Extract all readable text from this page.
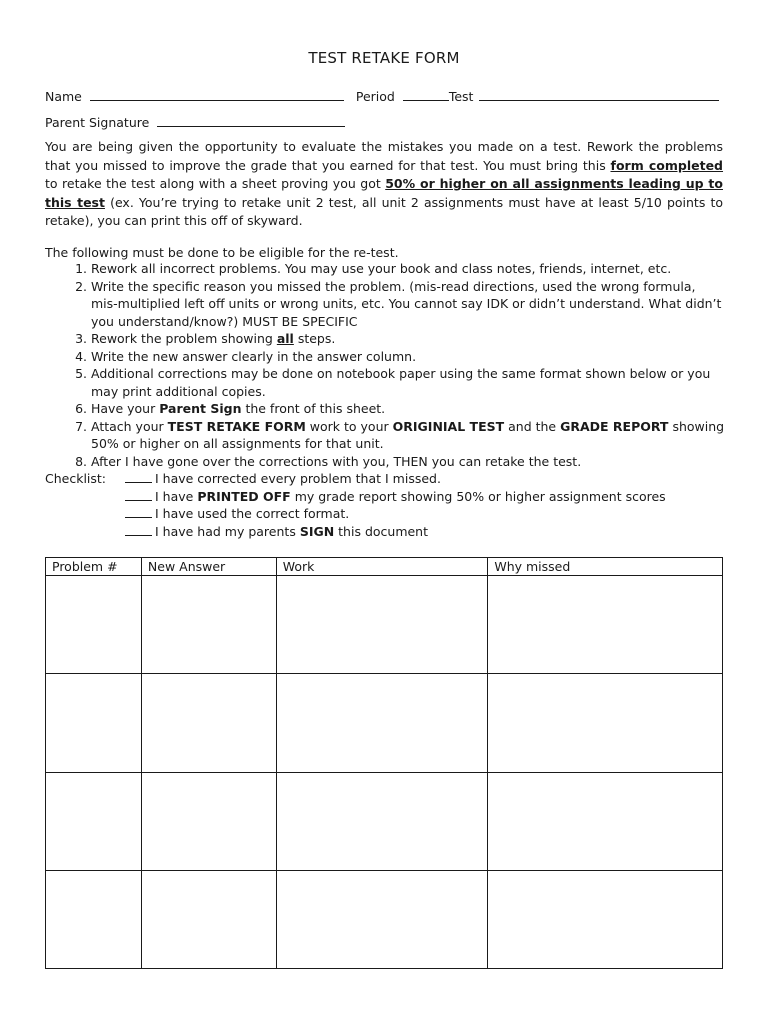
TEST RETAKE FORM
Name	Period	Test
Parent Signature
You are being given the opportunity to evaluate the mistakes you made on a test. Rework the problems that you missed to improve the grade that you earned for that test. You must bring this form completed to retake the test along with a sheet proving you got 50% or higher on all assignments leading up to this test (ex. You’re trying to retake unit 2 test, all unit 2 assignments must have at least 5/10 points to retake), you can print this off of skyward.
The following must be done to be eligible for the re-test.
1. Rework all incorrect problems. You may use your book and class notes, friends, internet, etc.
2. Write the specific reason you missed the problem. (mis-read directions, used the wrong formula, mis-multiplied left off units or wrong units, etc. You cannot say IDK or didn’t understand. What didn’t you understand/know?) MUST BE SPECIFIC
3. Rework the problem showing all steps.
4. Write the new answer clearly in the answer column.
5. Additional corrections may be done on notebook paper using the same format shown below or you may print additional copies.
6. Have your Parent Sign the front of this sheet.
7. Attach your TEST RETAKE FORM work to your ORIGINIAL TEST and the GRADE REPORT showing 50% or higher on all assignments for that unit.
8. After I have gone over the corrections with you, THEN you can retake the test.
Checklist:	I have corrected every problem that I missed.
I have PRINTED OFF my grade report showing 50% or higher assignment scores
I have used the correct format.
I have had my parents SIGN this document
Problem #	New Answer	Work	Why missed
